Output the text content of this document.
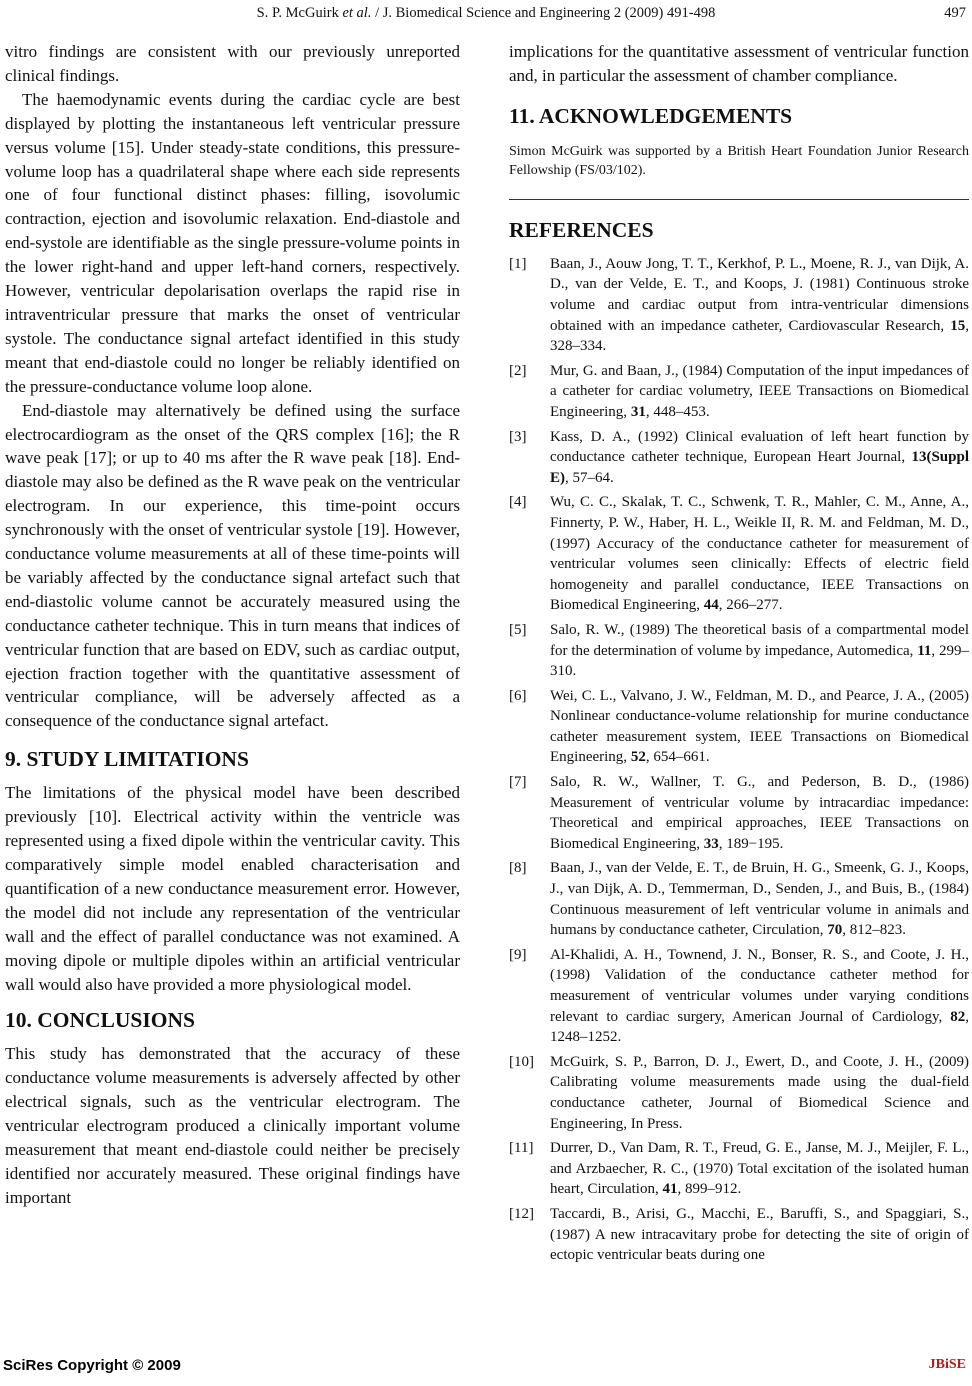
S. P. McGuirk et al. / J. Biomedical Science and Engineering 2 (2009) 491-498	497

vitro findings are consistent with our previously unreported clinical findings.

The haemodynamic events during the cardiac cycle are best displayed by plotting the instantaneous left ventricular pressure versus volume [15]. Under steady-state conditions, this pressure-volume loop has a quadrilateral shape where each side represents one of four functional distinct phases: filling, isovolumic contraction, ejection and isovolumic relaxation. End-diastole and end-systole are identifiable as the single pressure-volume points in the lower right-hand and upper left-hand corners, respectively. However, ventricular depolarisation overlaps the rapid rise in intraventricular pressure that marks the onset of ventricular systole. The conductance signal artefact identified in this study meant that end-diastole could no longer be reliably identified on the pressure-conductance volume loop alone.

End-diastole may alternatively be defined using the surface electrocardiogram as the onset of the QRS complex [16]; the R wave peak [17]; or up to 40 ms after the R wave peak [18]. End-diastole may also be defined as the R wave peak on the ventricular electrogram. In our experience, this time-point occurs synchronously with the onset of ventricular systole [19]. However, conductance volume measurements at all of these time-points will be variably affected by the conductance signal artefact such that end-diastolic volume cannot be accurately measured using the conductance catheter technique. This in turn means that indices of ventricular function that are based on EDV, such as cardiac output, ejection fraction together with the quantitative assessment of ventricular compliance, will be adversely affected as a consequence of the conductance signal artefact.

9. STUDY LIMITATIONS

The limitations of the physical model have been described previously [10]. Electrical activity within the ventricle was represented using a fixed dipole within the ventricular cavity. This comparatively simple model enabled characterisation and quantification of a new conductance measurement error. However, the model did not include any representation of the ventricular wall and the effect of parallel conductance was not examined. A moving dipole or multiple dipoles within an artificial ventricular wall would also have provided a more physiological model.

10. CONCLUSIONS

This study has demonstrated that the accuracy of these conductance volume measurements is adversely affected by other electrical signals, such as the ventricular electrogram. The ventricular electrogram produced a clinically important volume measurement that meant end-diastole could neither be precisely identified nor accurately measured. These original findings have important

implications for the quantitative assessment of ventricular function and, in particular the assessment of chamber compliance.

11. ACKNOWLEDGEMENTS

Simon McGuirk was supported by a British Heart Foundation Junior Research Fellowship (FS/03/102).

REFERENCES
[1] Baan, J., Aouw Jong, T. T., Kerkhof, P. L., Moene, R. J., van Dijk, A. D., van der Velde, E. T., and Koops, J. (1981) Continuous stroke volume and cardiac output from intra-ventricular dimensions obtained with an impedance catheter, Cardiovascular Research, 15, 328–334.
[2] Mur, G. and Baan, J., (1984) Computation of the input impedances of a catheter for cardiac volumetry, IEEE Transactions on Biomedical Engineering, 31, 448–453.
[3] Kass, D. A., (1992) Clinical evaluation of left heart function by conductance catheter technique, European Heart Journal, 13(Suppl E), 57–64.
[4] Wu, C. C., Skalak, T. C., Schwenk, T. R., Mahler, C. M., Anne, A., Finnerty, P. W., Haber, H. L., Weikle II, R. M. and Feldman, M. D., (1997) Accuracy of the conductance catheter for measurement of ventricular volumes seen clinically: Effects of electric field homogeneity and parallel conductance, IEEE Transactions on Biomedical Engineering, 44, 266–277.
[5] Salo, R. W., (1989) The theoretical basis of a compartmental model for the determination of volume by impedance, Automedica, 11, 299–310.
[6] Wei, C. L., Valvano, J. W., Feldman, M. D., and Pearce, J. A., (2005) Nonlinear conductance-volume relationship for murine conductance catheter measurement system, IEEE Transactions on Biomedical Engineering, 52, 654–661.
[7] Salo, R. W., Wallner, T. G., and Pederson, B. D., (1986) Measurement of ventricular volume by intracardiac impedance: Theoretical and empirical approaches, IEEE Transactions on Biomedical Engineering, 33, 189−195.
[8] Baan, J., van der Velde, E. T., de Bruin, H. G., Smeenk, G. J., Koops, J., van Dijk, A. D., Temmerman, D., Senden, J., and Buis, B., (1984) Continuous measurement of left ventricular volume in animals and humans by conductance catheter, Circulation, 70, 812–823.
[9] Al-Khalidi, A. H., Townend, J. N., Bonser, R. S., and Coote, J. H., (1998) Validation of the conductance catheter method for measurement of ventricular volumes under varying conditions relevant to cardiac surgery, American Journal of Cardiology, 82, 1248–1252.
[10] McGuirk, S. P., Barron, D. J., Ewert, D., and Coote, J. H., (2009) Calibrating volume measurements made using the dual-field conductance catheter, Journal of Biomedical Science and Engineering, In Press.
[11] Durrer, D., Van Dam, R. T., Freud, G. E., Janse, M. J., Meijler, F. L., and Arzbaecher, R. C., (1970) Total excitation of the isolated human heart, Circulation, 41, 899–912.
[12] Taccardi, B., Arisi, G., Macchi, E., Baruffi, S., and Spaggiari, S., (1987) A new intracavitary probe for detecting the site of origin of ectopic ventricular beats during one
SciRes Copyright © 2009	JBiSE
